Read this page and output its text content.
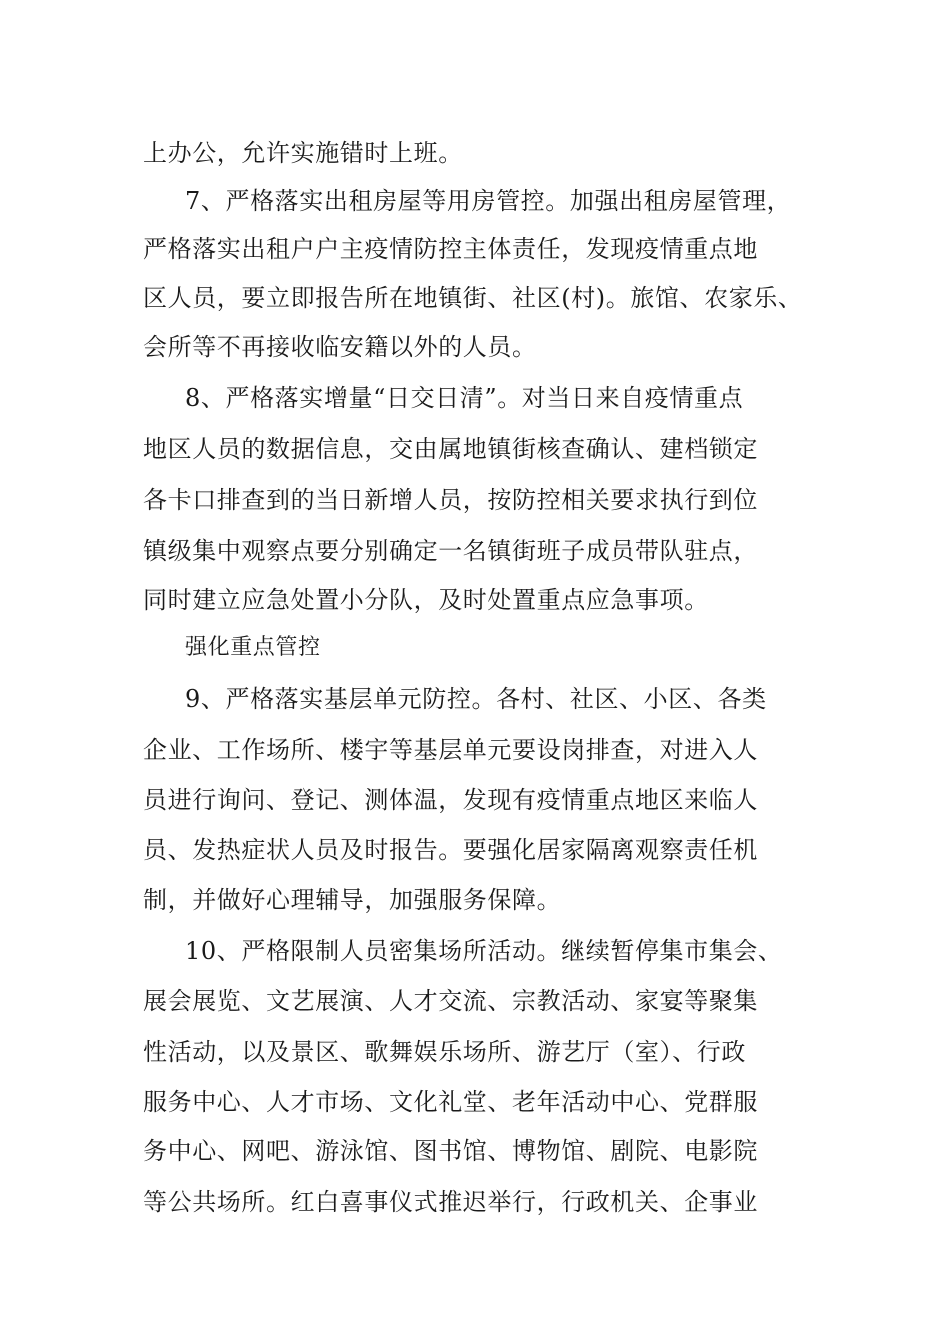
上办公，允许实施错时上班。
7、严格落实出租房屋等用房管控。加强出租房屋管理，
严格落实出租户户主疫情防控主体责任，发现疫情重点地
区人员，要立即报告所在地镇街、社区(村)。旅馆、农家乐、
会所等不再接收临安籍以外的人员。
8、严格落实增量“日交日清”。对当日来自疫情重点
地区人员的数据信息，交由属地镇街核查确认、建档锁定
各卡口排查到的当日新增人员，按防控相关要求执行到位
镇级集中观察点要分别确定一名镇街班子成员带队驻点，
同时建立应急处置小分队，及时处置重点应急事项。
强化重点管控
9、严格落实基层单元防控。各村、社区、小区、各类
企业、工作场所、楼宇等基层单元要设岗排查，对进入人
员进行询问、登记、测体温，发现有疫情重点地区来临人
员、发热症状人员及时报告。要强化居家隔离观察责任机
制，并做好心理辅导，加强服务保障。
10、严格限制人员密集场所活动。继续暂停集市集会、
展会展览、文艺展演、人才交流、宗教活动、家宴等聚集
性活动，以及景区、歌舞娱乐场所、游艺厅（室）、行政
服务中心、人才市场、文化礼堂、老年活动中心、党群服
务中心、网吧、游泳馆、图书馆、博物馆、剧院、电影院
等公共场所。红白喜事仪式推迟举行，行政机关、企事业
